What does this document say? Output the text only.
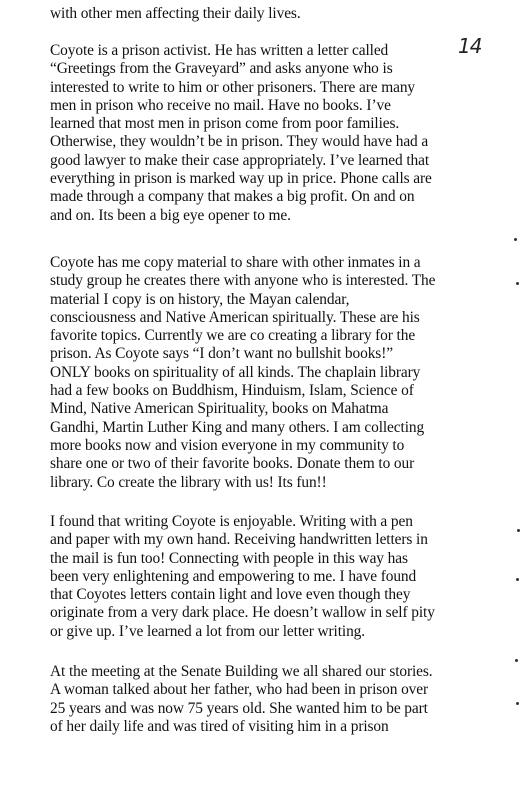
14

with other men affecting their daily lives.

Coyote is a prison activist. He has written a letter called
“Greetings from the Graveyard” and asks anyone who is
interested to write to him or other prisoners. There are many
men in prison who receive no mail. Have no books. I’ve
learned that most men in prison come from poor families.
Otherwise, they wouldn’t be in prison. They would have had a
good lawyer to make their case appropriately. I’ve learned that
everything in prison is marked way up in price. Phone calls are
made through a company that makes a big profit. On and on
and on. Its been a big eye opener to me.

Coyote has me copy material to share with other inmates in a
study group he creates there with anyone who is interested. The
material I copy is on history, the Mayan calendar,
consciousness and Native American spiritually. These are his
favorite topics. Currently we are co creating a library for the
prison. As Coyote says “I don’t want no bullshit books!”
ONLY books on spirituality of all kinds. The chaplain library
had a few books on Buddhism, Hinduism, Islam, Science of
Mind, Native American Spirituality, books on Mahatma
Gandhi, Martin Luther King and many others. I am collecting
more books now and vision everyone in my community to
share one or two of their favorite books. Donate them to our
library. Co create the library with us! Its fun!!

I found that writing Coyote is enjoyable. Writing with a pen
and paper with my own hand. Receiving handwritten letters in
the mail is fun too! Connecting with people in this way has
been very enlightening and empowering to me. I have found
that Coyotes letters contain light and love even though they
originate from a very dark place. He doesn’t wallow in self pity
or give up. I’ve learned a lot from our letter writing.

At the meeting at the Senate Building we all shared our stories.
A woman talked about her father, who had been in prison over
25 years and was now 75 years old. She wanted him to be part
of her daily life and was tired of visiting him in a prison
